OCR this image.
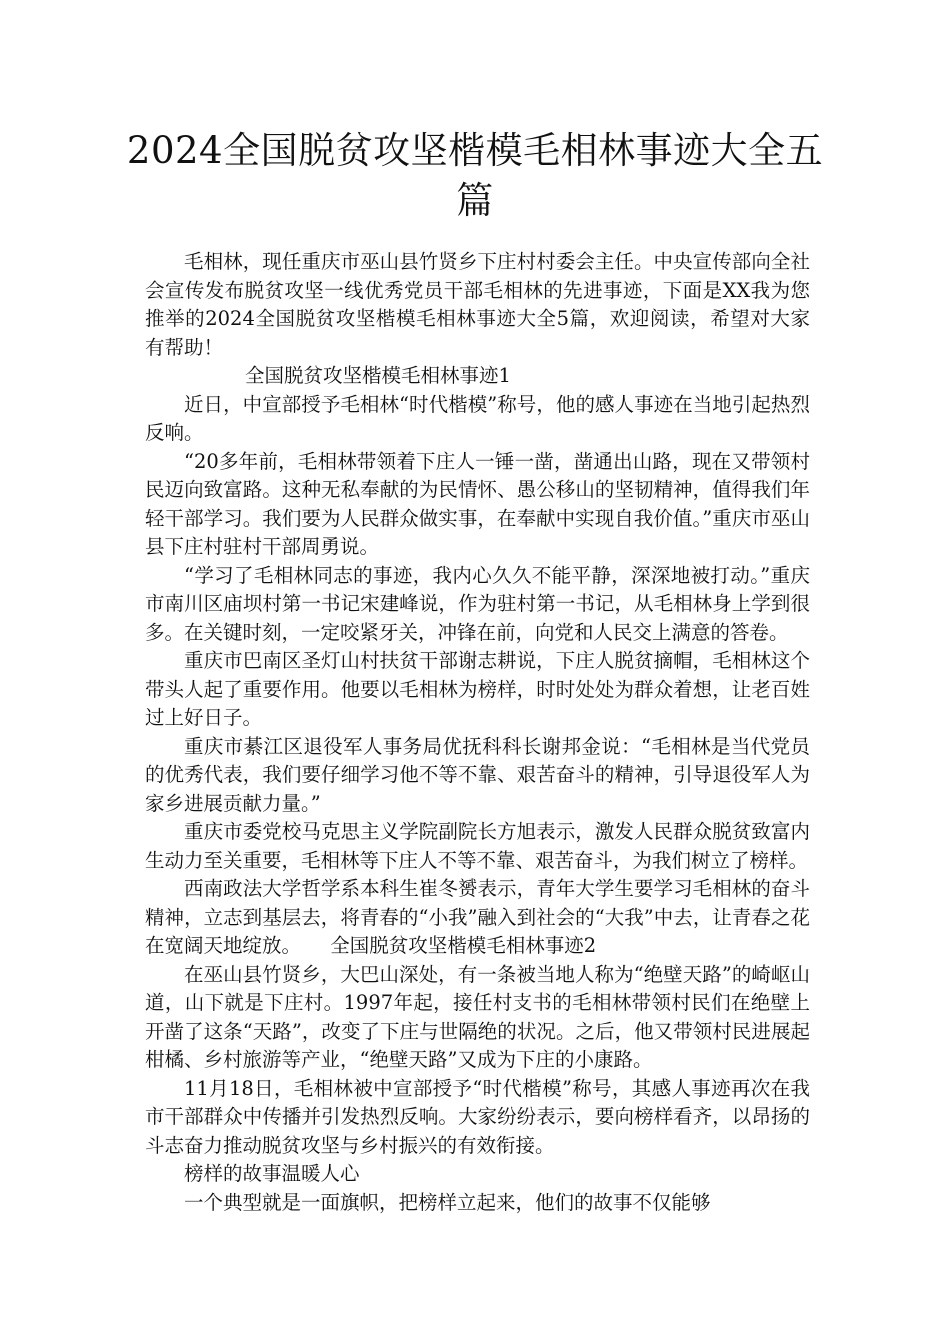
2024全国脱贫攻坚楷模毛相林事迹大全五篇

毛相林，现任重庆市巫山县竹贤乡下庄村村委会主任。中央宣传部向全社会宣传发布脱贫攻坚一线优秀党员干部毛相林的先进事迹，下面是XX我为您推举的2024全国脱贫攻坚楷模毛相林事迹大全5篇，欢迎阅读，希望对大家有帮助！

全国脱贫攻坚楷模毛相林事迹1

近日，中宣部授予毛相林“时代楷模”称号，他的感人事迹在当地引起热烈反响。

“20多年前，毛相林带领着下庄人一锤一凿，凿通出山路，现在又带领村民迈向致富路。这种无私奉献的为民情怀、愚公移山的坚韧精神，值得我们年轻干部学习。我们要为人民群众做实事，在奉献中实现自我价值。”重庆市巫山县下庄村驻村干部周勇说。

“学习了毛相林同志的事迹，我内心久久不能平静，深深地被打动。”重庆市南川区庙坝村第一书记宋建峰说，作为驻村第一书记，从毛相林身上学到很多。在关键时刻，一定咬紧牙关，冲锋在前，向党和人民交上满意的答卷。

重庆市巴南区圣灯山村扶贫干部谢志耕说，下庄人脱贫摘帽，毛相林这个带头人起了重要作用。他要以毛相林为榜样，时时处处为群众着想，让老百姓过上好日子。

重庆市綦江区退役军人事务局优抚科科长谢邦金说：“毛相林是当代党员的优秀代表，我们要仔细学习他不等不靠、艰苦奋斗的精神，引导退役军人为家乡进展贡献力量。”

重庆市委党校马克思主义学院副院长方旭表示，激发人民群众脱贫致富内生动力至关重要，毛相林等下庄人不等不靠、艰苦奋斗，为我们树立了榜样。

西南政法大学哲学系本科生崔冬赟表示，青年大学生要学习毛相林的奋斗精神，立志到基层去，将青春的“小我”融入到社会的“大我”中去，让青春之花在宽阔天地绽放。　　全国脱贫攻坚楷模毛相林事迹2

在巫山县竹贤乡，大巴山深处，有一条被当地人称为“绝壁天路”的崎岖山道，山下就是下庄村。1997年起，接任村支书的毛相林带领村民们在绝壁上开凿了这条“天路”，改变了下庄与世隔绝的状况。之后，他又带领村民进展起柑橘、乡村旅游等产业，“绝壁天路”又成为下庄的小康路。

11月18日，毛相林被中宣部授予“时代楷模”称号，其感人事迹再次在我市干部群众中传播并引发热烈反响。大家纷纷表示，要向榜样看齐，以昂扬的斗志奋力推动脱贫攻坚与乡村振兴的有效衔接。

榜样的故事温暖人心

一个典型就是一面旗帜，把榜样立起来，他们的故事不仅能够
